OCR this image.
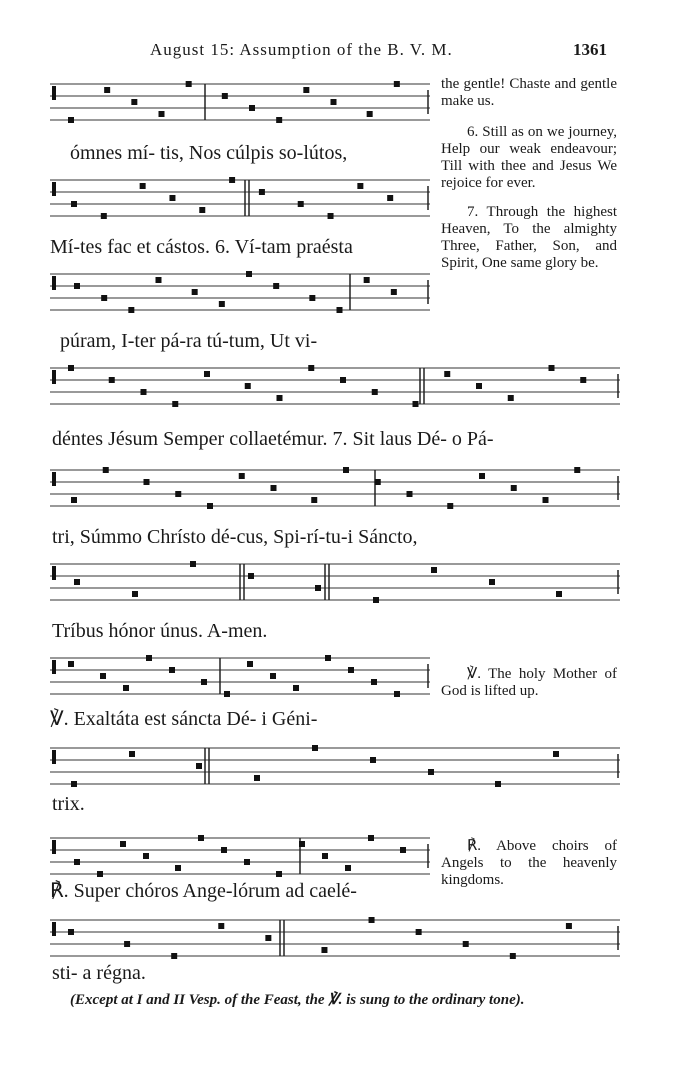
August 15: Assumption of the B. V. M.	1361
ómnes mí- tis, Nos cúlpis so-lútos,
Mí-tes fac et cástos. 6. Ví-tam praésta
púram, I-ter pá-ra tú-tum, Ut vi-
déntes Jésum Semper collaetémur. 7. Sit laus Dé- o Pá-
tri, Súmmo Chrísto dé-cus, Spi-rí-tu-i Sáncto,
Tríbus hónor únus. A-men.
℣. Exaltáta est sáncta Dé- i Géni-
trix.
℟. Super chóros Ange-lórum ad caelé-
sti- a régna.

the gentle! Chaste and gentle make us.

6. Still as on we journey, Help our weak endeavour; Till with thee and Jesus We rejoice for ever.

7. Through the highest Heaven, To the almighty Three, Father, Son, and Spirit, One same glory be.

℣. The holy Mother of God is lifted up.

℟. Above choirs of Angels to the heavenly kingdoms.

(Except at I and II Vesp. of the Feast, the ℣. is sung to the ordinary tone).
